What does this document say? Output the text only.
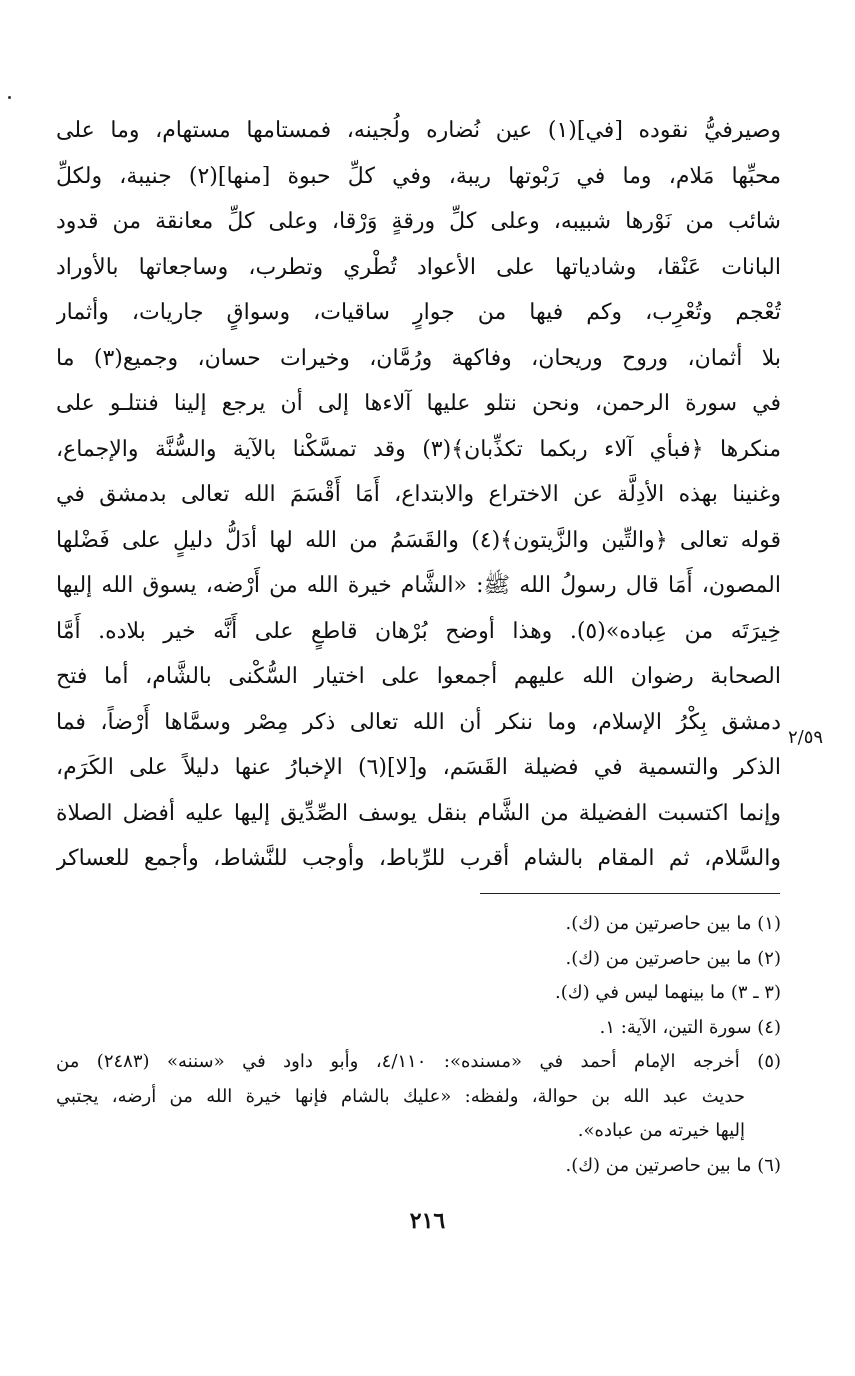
وصيرفيُّ نقوده [في](١) عين نُضاره ولُجينه، فمستامها مستهام، وما على
محبِّها مَلام، وما في رَبْوتها ريبة، وفي كلِّ حبوة [منها](٢) جنيبة، ولكلِّ
شائب من نَوْرها شبيبه، وعلى كلِّ ورقةٍ وَرْقا، وعلى كلِّ معانقة من قدود
البانات عَنْقا، وشادياتها على الأعواد تُطْري وتطرب، وساجعاتها بالأوراد
تُعْجم وتُعْرِب، وكم فيها من جوارٍ ساقيات، وسواقٍ جاريات، وأثمار
بلا أثمان، وروح وريحان، وفاكهة ورُمَّان، وخيرات حسان، وجميع(٣) ما
في سورة الرحمن، ونحن نتلو عليها آلاءها إلى أن يرجع إلينا فنتلـو على
منكرها ﴿فبأي آلاء ربكما تكذِّبان﴾(٣) وقد تمسَّكْنا بالآية والسُّنَّة والإجماع،
وغنينا بهذه الأدِلَّة عن الاختراع والابتداع، أَمَا أَقْسَمَ الله تعالى بدمشق في
قوله تعالى ﴿والتِّين والزَّيتون﴾(٤) والقَسَمُ من الله لها أدَلُّ دليلٍ على فَضْلها
المصون، أَمَا قال رسولُ الله ﷺ: «الشَّام خيرة الله من أَرْضه، يسوق الله إليها
خِيرَتَه من عِباده»(٥). وهذا أوضح بُرْهان قاطعٍ على أَنَّه خير بلاده. أَمَّا
الصحابة رضوان الله عليهم أجمعوا على اختيار السُّكْنى بالشَّام، أما فتح
دمشق بِكْرُ الإسلام، وما ننكر أن الله تعالى ذكر مِصْر وسمَّاها أَرْضاً، فما
الذكر والتسمية في فضيلة القَسَم، و[لا](٦) الإخبارُ عنها دليلاً على الكَرَم،
وإنما اكتسبت الفضيلة من الشَّام بنقل يوسف الصِّدِّيق إليها عليه أفضل الصلاة
والسَّلام، ثم المقام بالشام أقرب للرِّباط، وأوجب للنَّشاط، وأجمع للعساكر
٢/٥٩
(١) ما بين حاصرتين من (ك).
(٢) ما بين حاصرتين من (ك).
(٣ ـ ٣) ما بينهما ليس في (ك).
(٤) سورة التين، الآية: ١.
(٥) أخرجه الإمام أحمد في «مسنده»: ٤/١١٠، وأبو داود في «سننه» (٢٤٨٣) من
حديث عبد الله بن حوالة، ولفظه: «عليك بالشام فإنها خيرة الله من أرضه، يجتبي
إليها خيرته من عباده».
(٦) ما بين حاصرتين من (ك).
٢١٦
